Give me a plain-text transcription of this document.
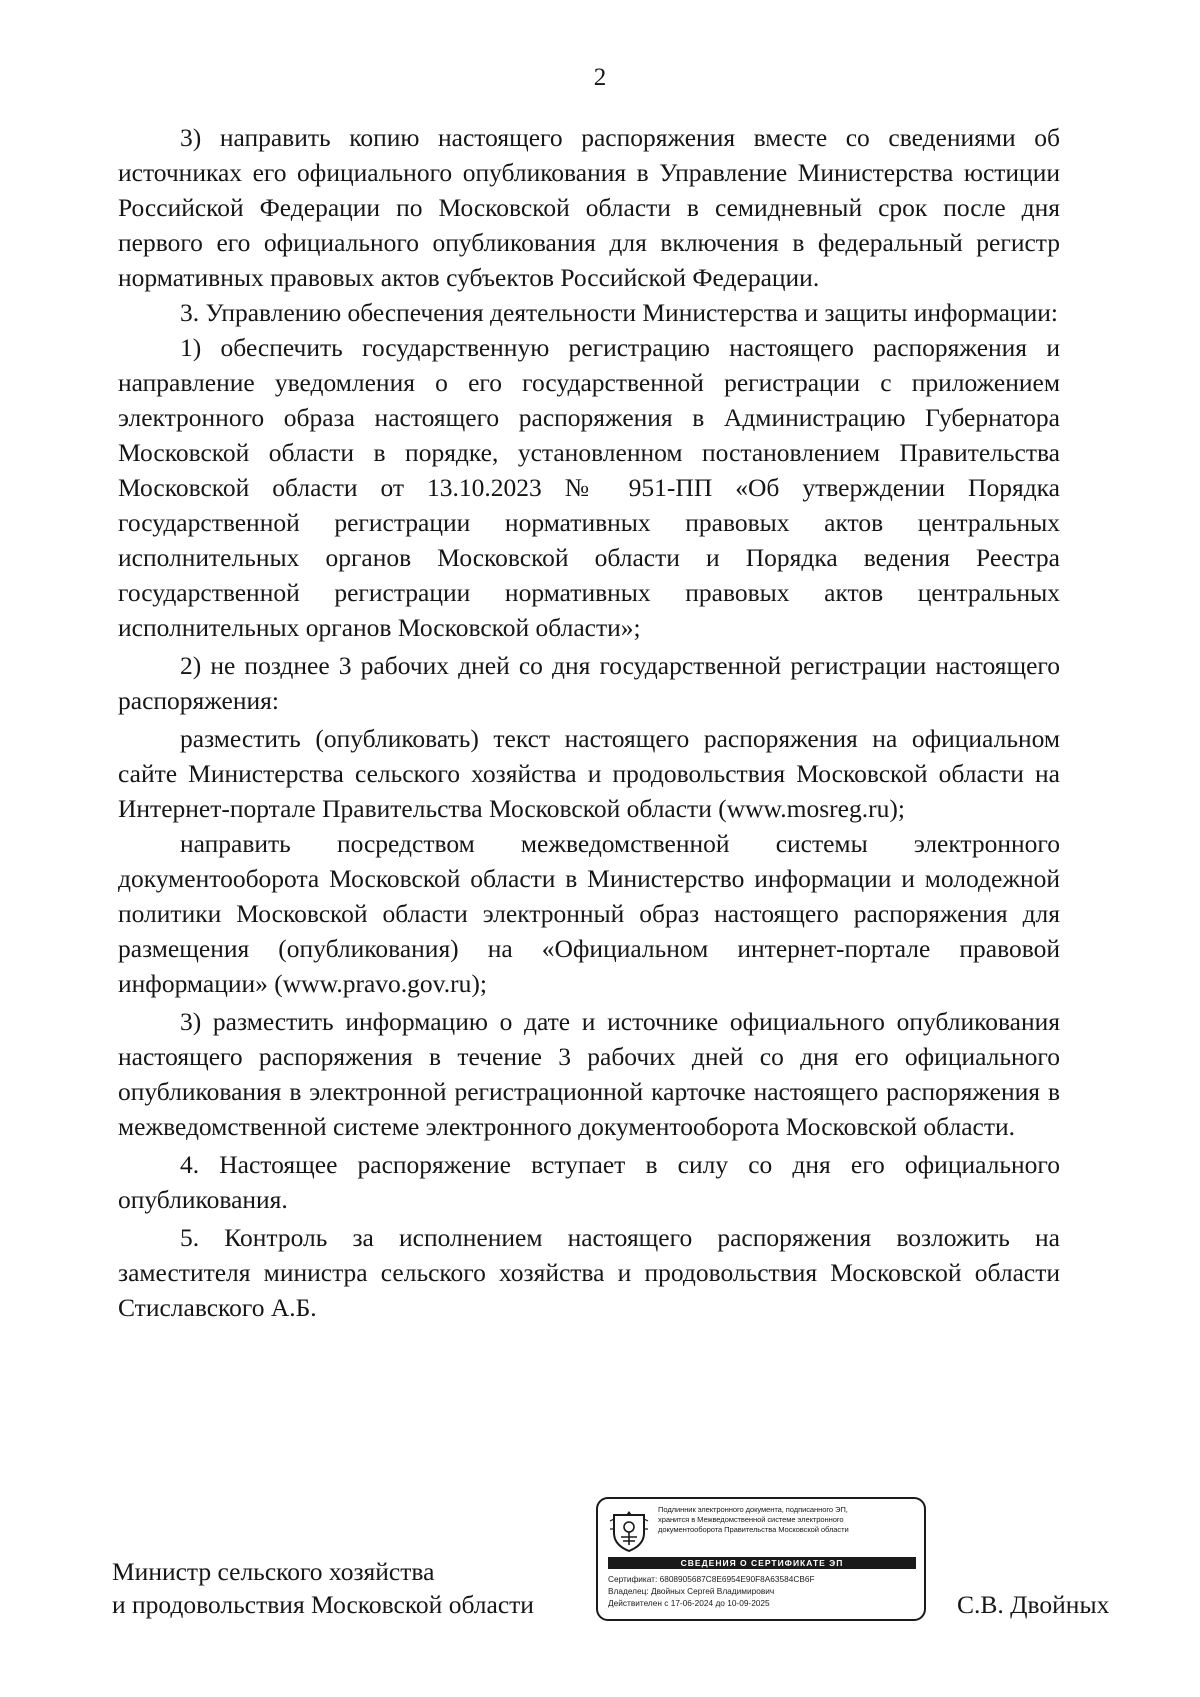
2

3) направить копию настоящего распоряжения вместе со сведениями об источниках его официального опубликования в Управление Министерства юстиции Российской Федерации по Московской области в семидневный срок после дня первого его официального опубликования для включения в федеральный регистр нормативных правовых актов субъектов Российской Федерации.

3. Управлению обеспечения деятельности Министерства и защиты информации:

1) обеспечить государственную регистрацию настоящего распоряжения и направление уведомления о его государственной регистрации с приложением электронного образа настоящего распоряжения в Администрацию Губернатора Московской области в порядке, установленном постановлением Правительства Московской области от 13.10.2023 № 951-ПП «Об утверждении Порядка государственной регистрации нормативных правовых актов центральных исполнительных органов Московской области и Порядка ведения Реестра государственной регистрации нормативных правовых актов центральных исполнительных органов Московской области»;

2) не позднее 3 рабочих дней со дня государственной регистрации настоящего распоряжения:

разместить (опубликовать) текст настоящего распоряжения на официальном сайте Министерства сельского хозяйства и продовольствия Московской области на Интернет-портале Правительства Московской области (www.mosreg.ru);

направить посредством межведомственной системы электронного документооборота Московской области в Министерство информации и молодежной политики Московской области электронный образ настоящего распоряжения для размещения (опубликования) на «Официальном интернет-портале правовой информации» (www.pravo.gov.ru);

3) разместить информацию о дате и источнике официального опубликования настоящего распоряжения в течение 3 рабочих дней со дня его официального опубликования в электронной регистрационной карточке настоящего распоряжения в межведомственной системе электронного документооборота Московской области.

4. Настоящее распоряжение вступает в силу со дня его официального опубликования.

5. Контроль за исполнением настоящего распоряжения возложить на заместителя министра сельского хозяйства и продовольствия Московской области Стиславского А.Б.

Министр сельского хозяйства
и продовольствия Московской области
Подлинник электронного документа, подписанного ЭП,
хранится в Межведомственной системе электронного
документооборота Правительства Московской области
СВЕДЕНИЯ О СЕРТИФИКАТЕ ЭП
Сертификат: 6808905687C8E6954E90F8A63584CB6F
Владелец: Двойных Сергей Владимирович
Действителен с 17-06-2024 до 10-09-2025	С.В. Двойных
